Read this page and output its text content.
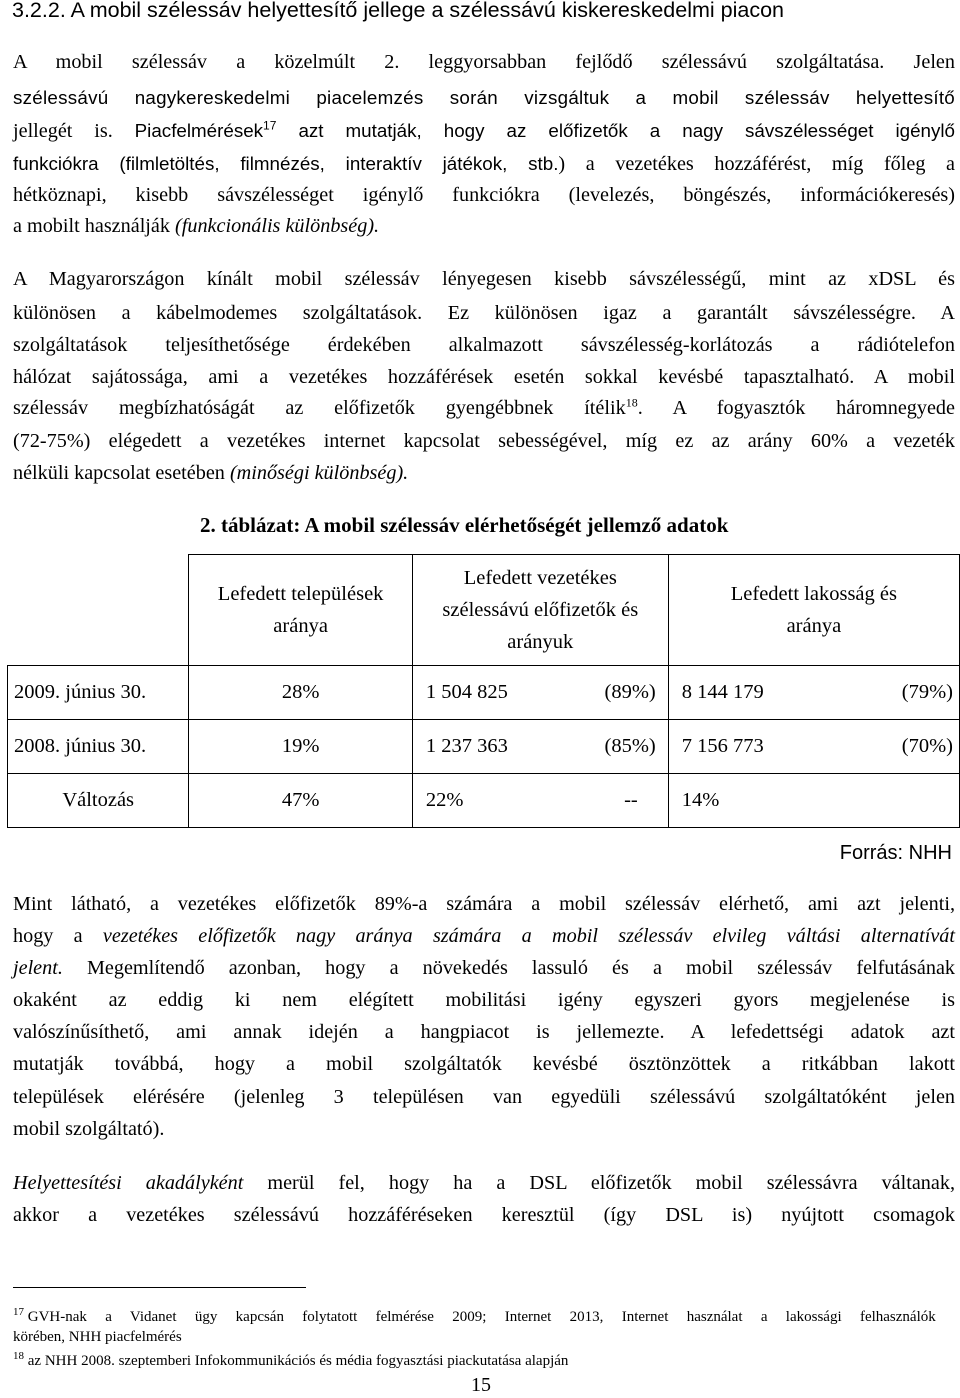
3.2.2. A mobil szélessáv helyettesítő jellege a szélessávú kiskereskedelmi piacon
A mobil szélessáv a közelmúlt 2. leggyorsabban fejlődő szélessávú szolgáltatása. Jelen
szélessávú nagykereskedelmi piacelemzés során vizsgáltuk a mobil szélessáv helyettesítő
jellegét is. Piacfelmérések$^{17}$ azt mutatják, hogy az előfizetők a nagy sávszélességet igénylő
funkciókra (filmletöltés, filmnézés, interaktív játékok, stb.) a vezetékes hozzáférést, míg főleg a
hétköznapi, kisebb sávszélességet igénylő funkciókra (levelezés, böngészés, információkeresés)
a mobilt használják (funkcionális különbség).
A Magyarországon kínált mobil szélessáv lényegesen kisebb sávszélességű, mint az xDSL és
különösen a kábelmodemes szolgáltatások. Ez különösen igaz a garantált sávszélességre. A
szolgáltatások teljesíthetősége érdekében alkalmazott sávszélesség-korlátozás a rádiótelefon
hálózat sajátossága, ami a vezetékes hozzáférések esetén sokkal kevésbé tapasztalható. A mobil
szélessáv megbízhatóságát az előfizetők gyengébbnek ítélik$^{18}$. A fogyasztók háromnegyede
(72-75%) elégedett a vezetékes internet kapcsolat sebességével, míg ez az arány 60% a vezeték
nélküli kapcsolat esetében (minőségi különbség).
2. táblázat: A mobil szélessáv elérhetőségét jellemző adatok

	Lefedett települések aránya	Lefedett vezetékes szélessávú előfizetők és arányuk	Lefedett lakosság és aránya

2009. június 30.	28%	1 504 825 (89%)	8 144 179 (79%)

2008. június 30.	19%	1 237 363 (85%)	7 156 773 (70%)

Változás	47%	22% --	14%
Forrás: NHH
Mint látható, a vezetékes előfizetők 89%-a számára a mobil szélessáv elérhető, ami azt jelenti,
hogy a vezetékes előfizetők nagy aránya számára a mobil szélessáv elvileg váltási alternatívát
jelent. Megemlítendő azonban, hogy a növekedés lassuló és a mobil szélessáv felfutásának
okaként az eddig ki nem elégített mobilitási igény egyszeri gyors megjelenése is
valószínűsíthető, ami annak idején a hangpiacot is jellemezte. A lefedettségi adatok azt
mutatják továbbá, hogy a mobil szolgáltatók kevésbé ösztönzöttek a ritkábban lakott
települések elérésére (jelenleg 3 településen van egyedüli szélessávú szolgáltatóként jelen
mobil szolgáltató).
Helyettesítési akadályként merül fel, hogy ha a DSL előfizetők mobil szélessávra váltanak,
akkor a vezetékes szélessávú hozzáféréseken keresztül (így DSL is) nyújtott csomagok
$^{17}$ GVH-nak a Vidanet ügy kapcsán folytatott felmérése 2009; Internet 2013, Internet használat a lakossági felhasználók
körében, NHH piacfelmérés
$^{18}$ az NHH 2008. szeptemberi Infokommunikációs és média fogyasztási piackutatása alapján
15
